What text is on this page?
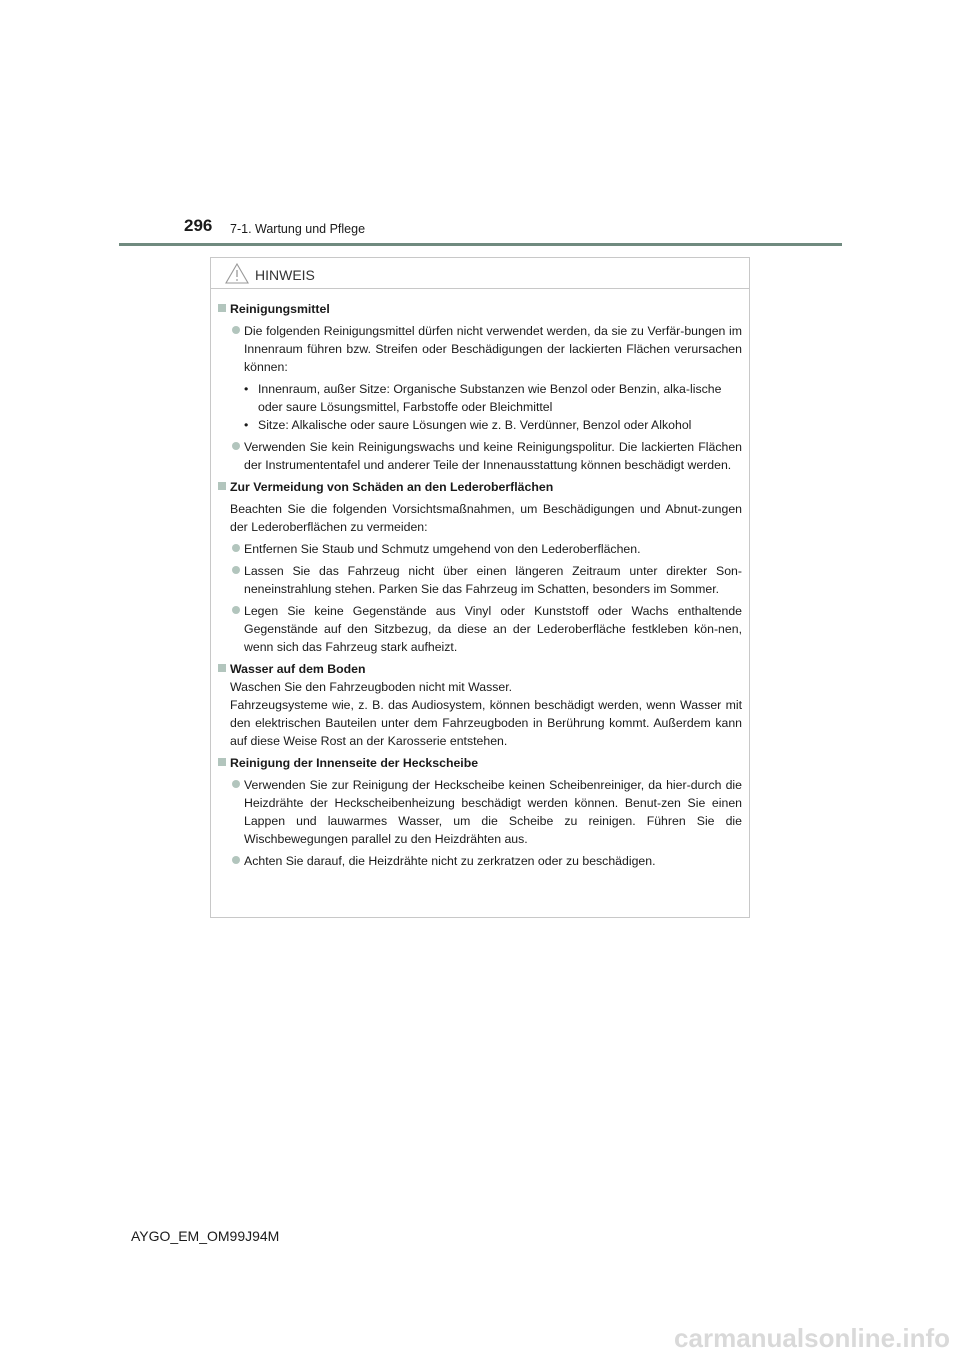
296 7-1. Wartung und Pflege
HINWEIS
Reinigungsmittel
Die folgenden Reinigungsmittel dürfen nicht verwendet werden, da sie zu Verfär-bungen im Innenraum führen bzw. Streifen oder Beschädigungen der lackierten Flächen verursachen können:
• Innenraum, außer Sitze: Organische Substanzen wie Benzol oder Benzin, alka-lische oder saure Lösungsmittel, Farbstoffe oder Bleichmittel
• Sitze: Alkalische oder saure Lösungen wie z. B. Verdünner, Benzol oder Alkohol
Verwenden Sie kein Reinigungswachs und keine Reinigungspolitur. Die lackierten Flächen der Instrumententafel und anderer Teile der Innenausstattung können beschädigt werden.
Zur Vermeidung von Schäden an den Lederoberflächen
Beachten Sie die folgenden Vorsichtsmaßnahmen, um Beschädigungen und Abnut-zungen der Lederoberflächen zu vermeiden:
Entfernen Sie Staub und Schmutz umgehend von den Lederoberflächen.
Lassen Sie das Fahrzeug nicht über einen längeren Zeitraum unter direkter Son-neneinstrahlung stehen. Parken Sie das Fahrzeug im Schatten, besonders im Sommer.
Legen Sie keine Gegenstände aus Vinyl oder Kunststoff oder Wachs enthaltende Gegenstände auf den Sitzbezug, da diese an der Lederoberfläche festkleben kön-nen, wenn sich das Fahrzeug stark aufheizt.
Wasser auf dem Boden
Waschen Sie den Fahrzeugboden nicht mit Wasser.
Fahrzeugsysteme wie, z. B. das Audiosystem, können beschädigt werden, wenn Wasser mit den elektrischen Bauteilen unter dem Fahrzeugboden in Berührung kommt. Außerdem kann auf diese Weise Rost an der Karosserie entstehen.
Reinigung der Innenseite der Heckscheibe
Verwenden Sie zur Reinigung der Heckscheibe keinen Scheibenreiniger, da hier-durch die Heizdrähte der Heckscheibenheizung beschädigt werden können. Benut-zen Sie einen Lappen und lauwarmes Wasser, um die Scheibe zu reinigen. Führen Sie die Wischbewegungen parallel zu den Heizdrähten aus.
Achten Sie darauf, die Heizdrähte nicht zu zerkratzen oder zu beschädigen.
AYGO_EM_OM99J94M
carmanualsonline.info
